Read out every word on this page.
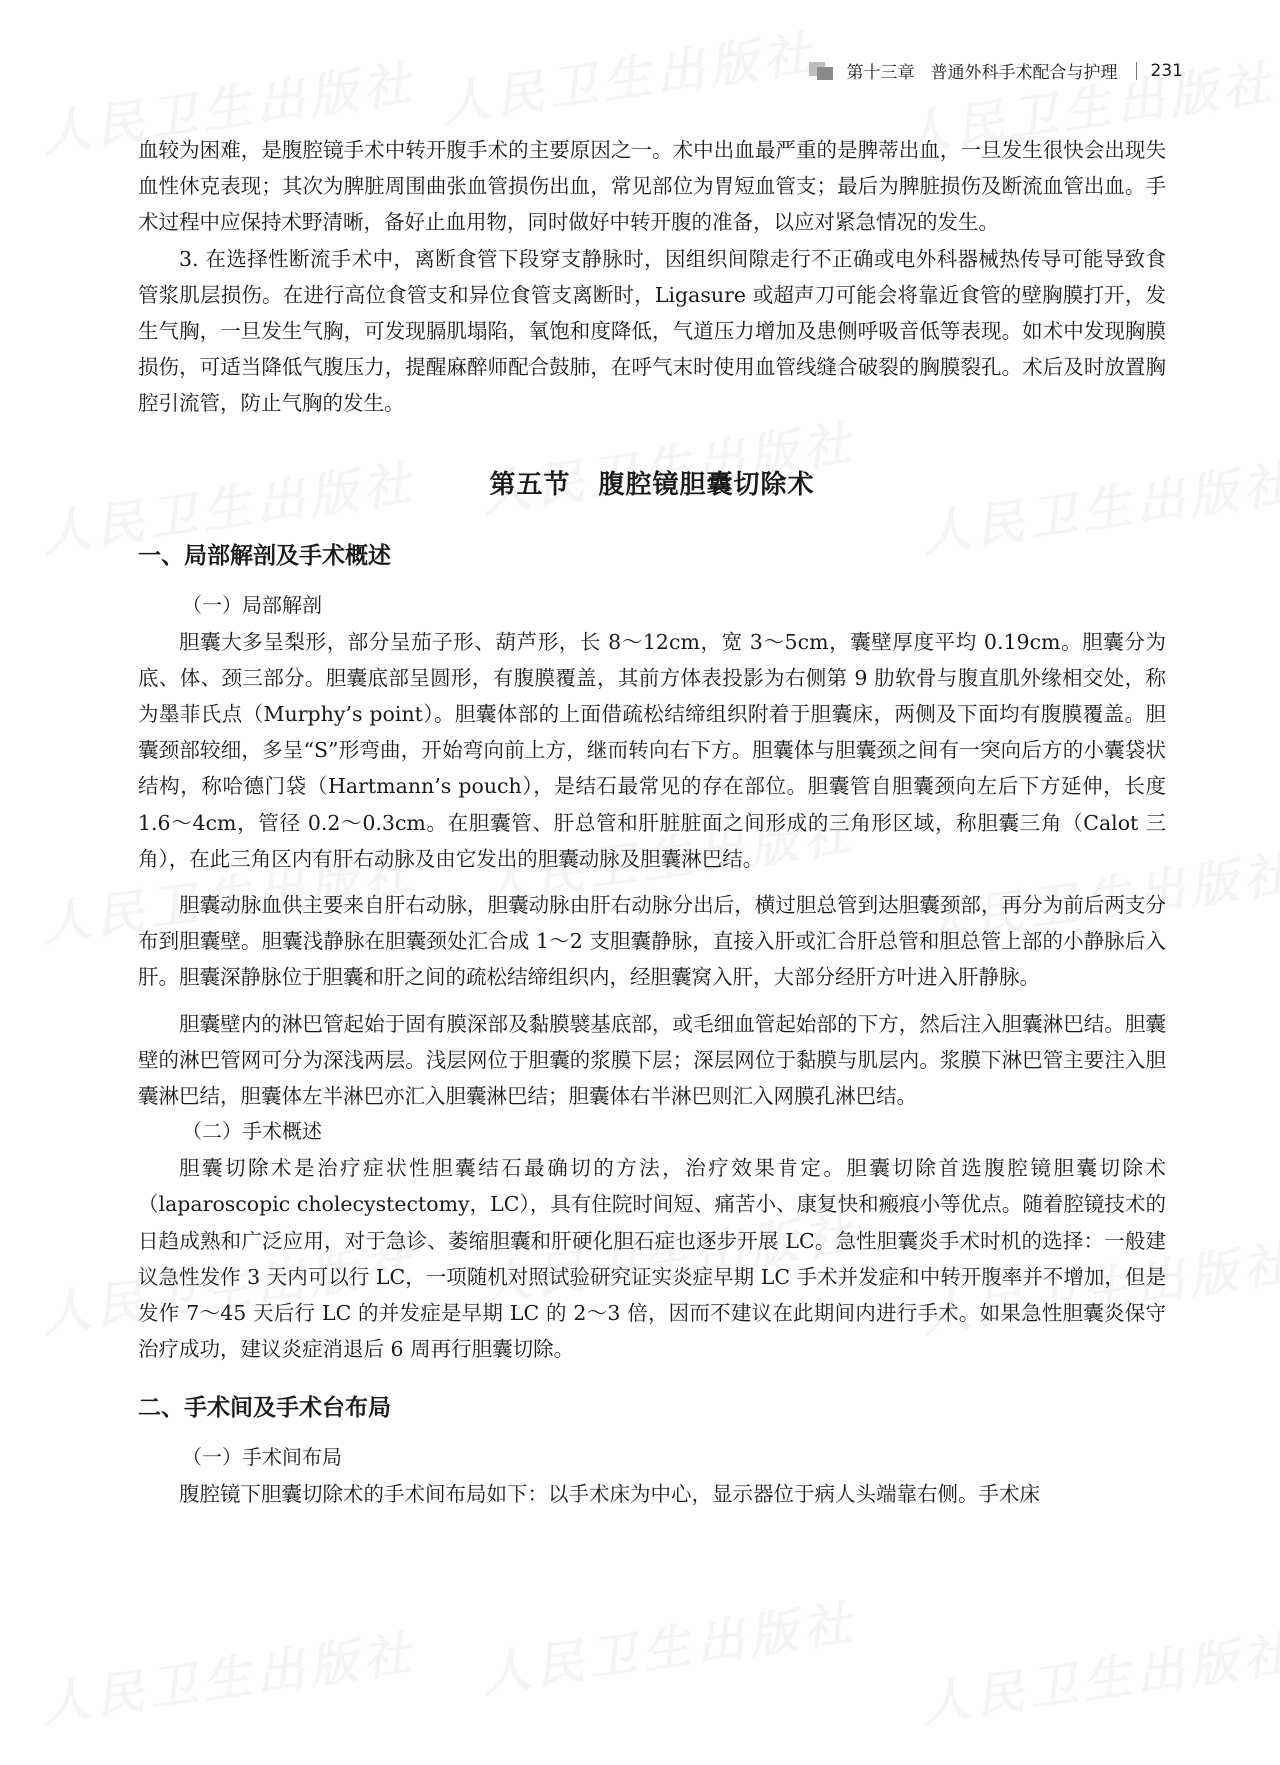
第十三章 普通外科手术配合与护理 231

血较为困难，是腹腔镜手术中转开腹手术的主要原因之一。术中出血最严重的是脾蒂出血，一旦发生很快会出现失血性休克表现；其次为脾脏周围曲张血管损伤出血，常见部位为胃短血管支；最后为脾脏损伤及断流血管出血。手术过程中应保持术野清晰，备好止血用物，同时做好中转开腹的准备，以应对紧急情况的发生。

3. 在选择性断流手术中，离断食管下段穿支静脉时，因组织间隙走行不正确或电外科器械热传导可能导致食管浆肌层损伤。在进行高位食管支和异位食管支离断时，Ligasure 或超声刀可能会将靠近食管的壁胸膜打开，发生气胸，一旦发生气胸，可发现膈肌塌陷，氧饱和度降低，气道压力增加及患侧呼吸音低等表现。如术中发现胸膜损伤，可适当降低气腹压力，提醒麻醉师配合鼓肺，在呼气末时使用血管线缝合破裂的胸膜裂孔。术后及时放置胸腔引流管，防止气胸的发生。

第五节 腹腔镜胆囊切除术
一、局部解剖及手术概述
（一）局部解剖

胆囊大多呈梨形，部分呈茄子形、葫芦形，长 8～12cm，宽 3～5cm，囊壁厚度平均 0.19cm。胆囊分为底、体、颈三部分。胆囊底部呈圆形，有腹膜覆盖，其前方体表投影为右侧第 9 肋软骨与腹直肌外缘相交处，称为墨菲氏点（Murphy’s point）。胆囊体部的上面借疏松结缔组织附着于胆囊床，两侧及下面均有腹膜覆盖。胆囊颈部较细，多呈“S”形弯曲，开始弯向前上方，继而转向右下方。胆囊体与胆囊颈之间有一突向后方的小囊袋状结构，称哈德门袋（Hartmann’s pouch），是结石最常见的存在部位。胆囊管自胆囊颈向左后下方延伸，长度 1.6～4cm，管径 0.2～0.3cm。在胆囊管、肝总管和肝脏脏面之间形成的三角形区域，称胆囊三角（Calot 三角），在此三角区内有肝右动脉及由它发出的胆囊动脉及胆囊淋巴结。

胆囊动脉血供主要来自肝右动脉，胆囊动脉由肝右动脉分出后，横过胆总管到达胆囊颈部，再分为前后两支分布到胆囊壁。胆囊浅静脉在胆囊颈处汇合成 1～2 支胆囊静脉，直接入肝或汇合肝总管和胆总管上部的小静脉后入肝。胆囊深静脉位于胆囊和肝之间的疏松结缔组织内，经胆囊窝入肝，大部分经肝方叶进入肝静脉。

胆囊壁内的淋巴管起始于固有膜深部及黏膜襞基底部，或毛细血管起始部的下方，然后注入胆囊淋巴结。胆囊壁的淋巴管网可分为深浅两层。浅层网位于胆囊的浆膜下层；深层网位于黏膜与肌层内。浆膜下淋巴管主要注入胆囊淋巴结，胆囊体左半淋巴亦汇入胆囊淋巴结；胆囊体右半淋巴则汇入网膜孔淋巴结。

（二）手术概述

胆囊切除术是治疗症状性胆囊结石最确切的方法，治疗效果肯定。胆囊切除首选腹腔镜胆囊切除术（laparoscopic cholecystectomy，LC），具有住院时间短、痛苦小、康复快和瘢痕小等优点。随着腔镜技术的日趋成熟和广泛应用，对于急诊、萎缩胆囊和肝硬化胆石症也逐步开展 LC。急性胆囊炎手术时机的选择：一般建议急性发作 3 天内可以行 LC，一项随机对照试验研究证实炎症早期 LC 手术并发症和中转开腹率并不增加，但是发作 7～45 天后行 LC 的并发症是早期 LC 的 2～3 倍，因而不建议在此期间内进行手术。如果急性胆囊炎保守治疗成功，建议炎症消退后 6 周再行胆囊切除。

二、手术间及手术台布局
（一）手术间布局

腹腔镜下胆囊切除术的手术间布局如下：以手术床为中心，显示器位于病人头端靠右侧。手术床
